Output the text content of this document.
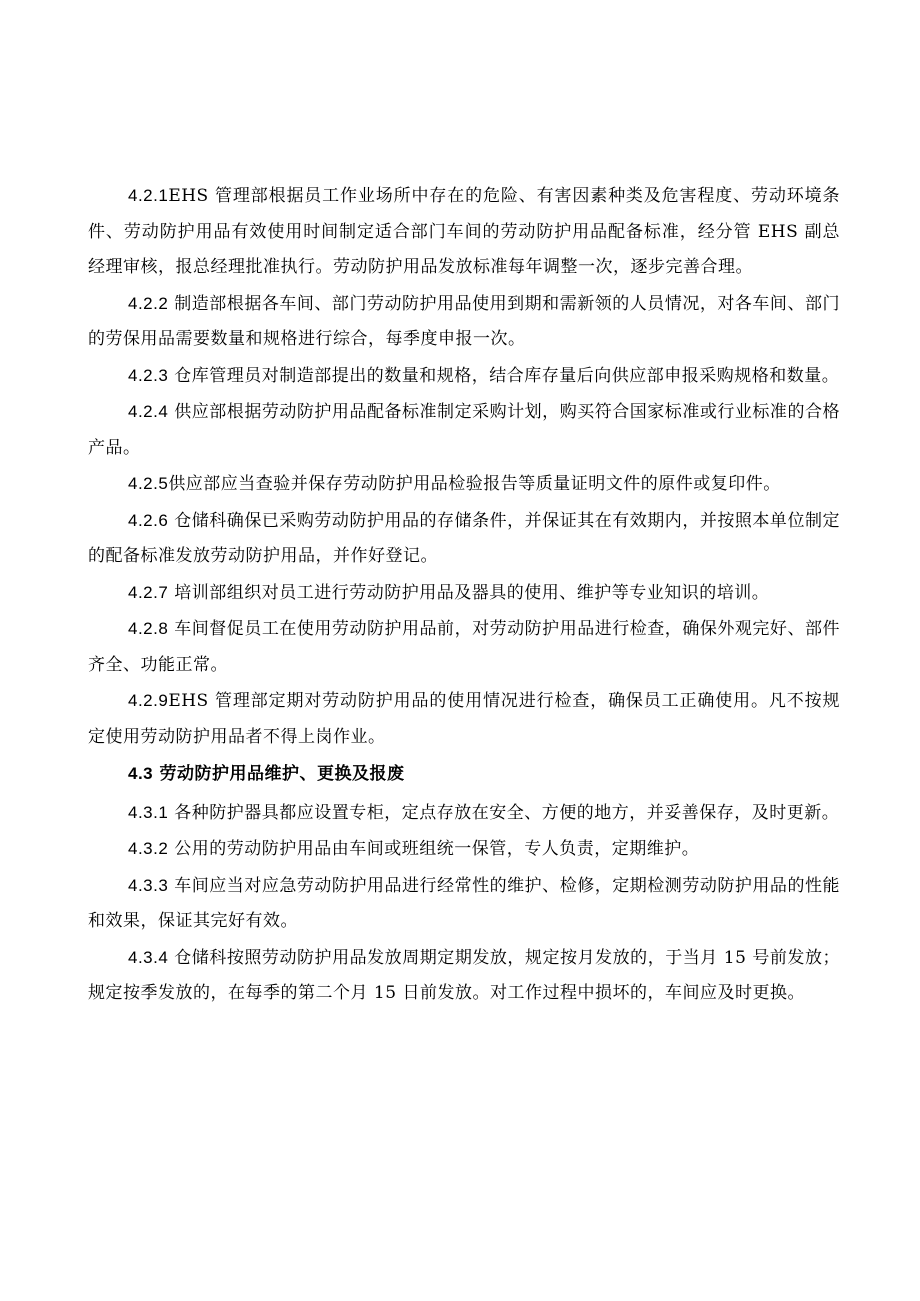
4.2.1EHS 管理部根据员工作业场所中存在的危险、有害因素种类及危害程度、劳动环境条件、劳动防护用品有效使用时间制定适合部门车间的劳动防护用品配备标准，经分管 EHS 副总经理审核，报总经理批准执行。劳动防护用品发放标准每年调整一次，逐步完善合理。

4.2.2 制造部根据各车间、部门劳动防护用品使用到期和需新领的人员情况，对各车间、部门的劳保用品需要数量和规格进行综合，每季度申报一次。

4.2.3 仓库管理员对制造部提出的数量和规格，结合库存量后向供应部申报采购规格和数量。

4.2.4 供应部根据劳动防护用品配备标准制定采购计划，购买符合国家标准或行业标准的合格产品。

4.2.5供应部应当查验并保存劳动防护用品检验报告等质量证明文件的原件或复印件。

4.2.6 仓储科确保已采购劳动防护用品的存储条件，并保证其在有效期内，并按照本单位制定的配备标准发放劳动防护用品，并作好登记。

4.2.7 培训部组织对员工进行劳动防护用品及器具的使用、维护等专业知识的培训。

4.2.8 车间督促员工在使用劳动防护用品前，对劳动防护用品进行检查，确保外观完好、部件齐全、功能正常。

4.2.9EHS 管理部定期对劳动防护用品的使用情况进行检查，确保员工正确使用。凡不按规定使用劳动防护用品者不得上岗作业。

4.3 劳动防护用品维护、更换及报废

4.3.1 各种防护器具都应设置专柜，定点存放在安全、方便的地方，并妥善保存，及时更新。

4.3.2 公用的劳动防护用品由车间或班组统一保管，专人负责，定期维护。

4.3.3 车间应当对应急劳动防护用品进行经常性的维护、检修，定期检测劳动防护用品的性能和效果，保证其完好有效。

4.3.4 仓储科按照劳动防护用品发放周期定期发放，规定按月发放的，于当月 15 号前发放；规定按季发放的，在每季的第二个月 15 日前发放。对工作过程中损坏的，车间应及时更换。
